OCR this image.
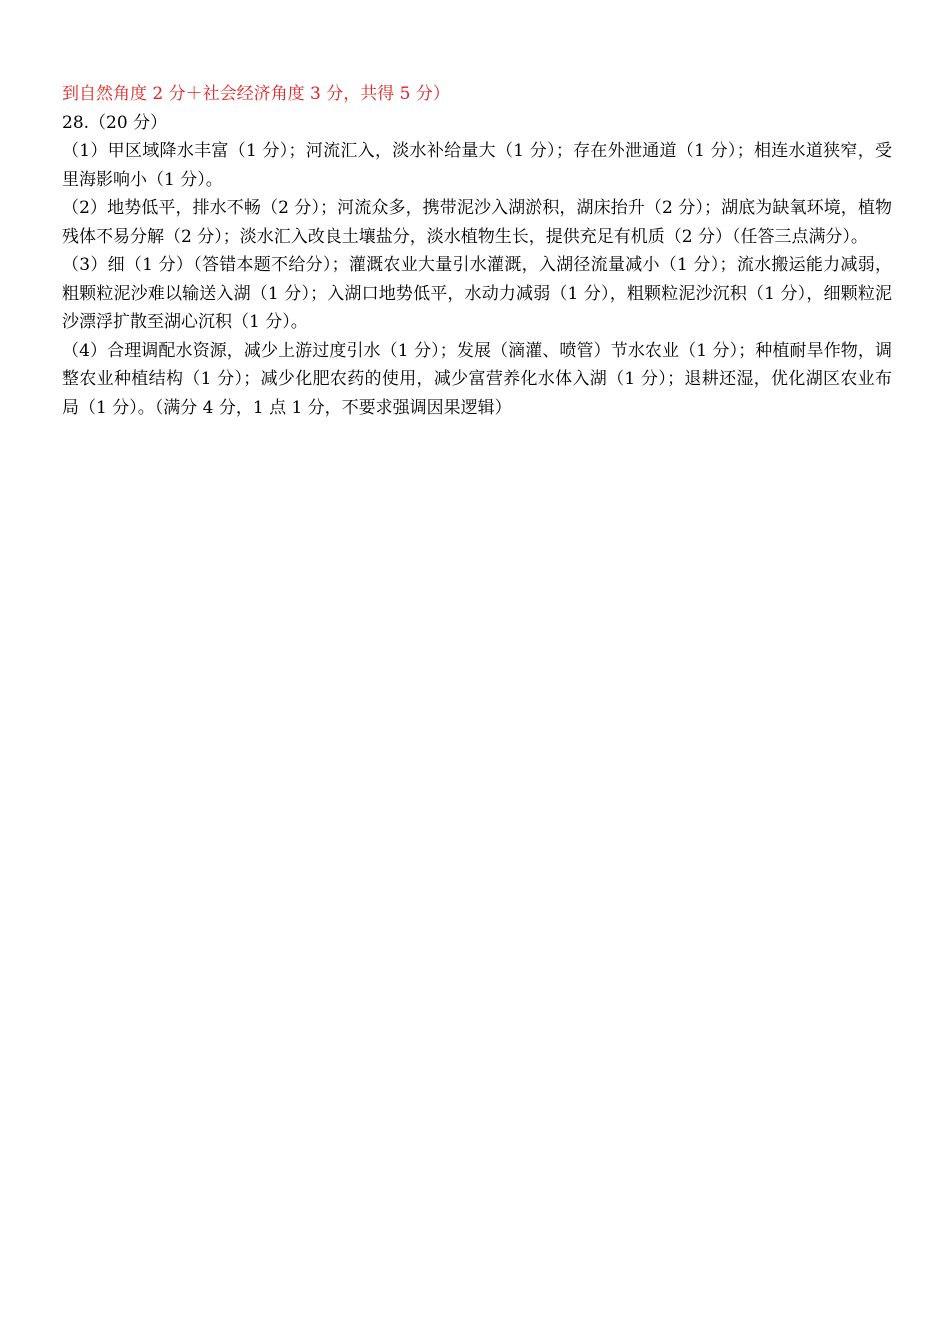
到自然角度 2 分＋社会经济角度 3 分，共得 5 分）

28.（20 分）

（1）甲区域降水丰富（1 分）；河流汇入，淡水补给量大（1 分）；存在外泄通道（1 分）；相连水道狭窄，受里海影响小（1 分）。

（2）地势低平，排水不畅（2 分）；河流众多，携带泥沙入湖淤积，湖床抬升（2 分）；湖底为缺氧环境，植物残体不易分解（2 分）；淡水汇入改良土壤盐分，淡水植物生长，提供充足有机质（2 分）（任答三点满分）。

（3）细（1 分）（答错本题不给分）；灌溉农业大量引水灌溉，入湖径流量减小（1 分）；流水搬运能力减弱，粗颗粒泥沙难以输送入湖（1 分）；入湖口地势低平，水动力减弱（1 分），粗颗粒泥沙沉积（1 分），细颗粒泥沙漂浮扩散至湖心沉积（1 分）。

（4）合理调配水资源，减少上游过度引水（1 分）；发展（滴灌、喷管）节水农业（1 分）；种植耐旱作物，调整农业种植结构（1 分）；减少化肥农药的使用，减少富营养化水体入湖（1 分）；退耕还湿，优化湖区农业布局（1 分）。（满分 4 分，1 点 1 分，不要求强调因果逻辑）
